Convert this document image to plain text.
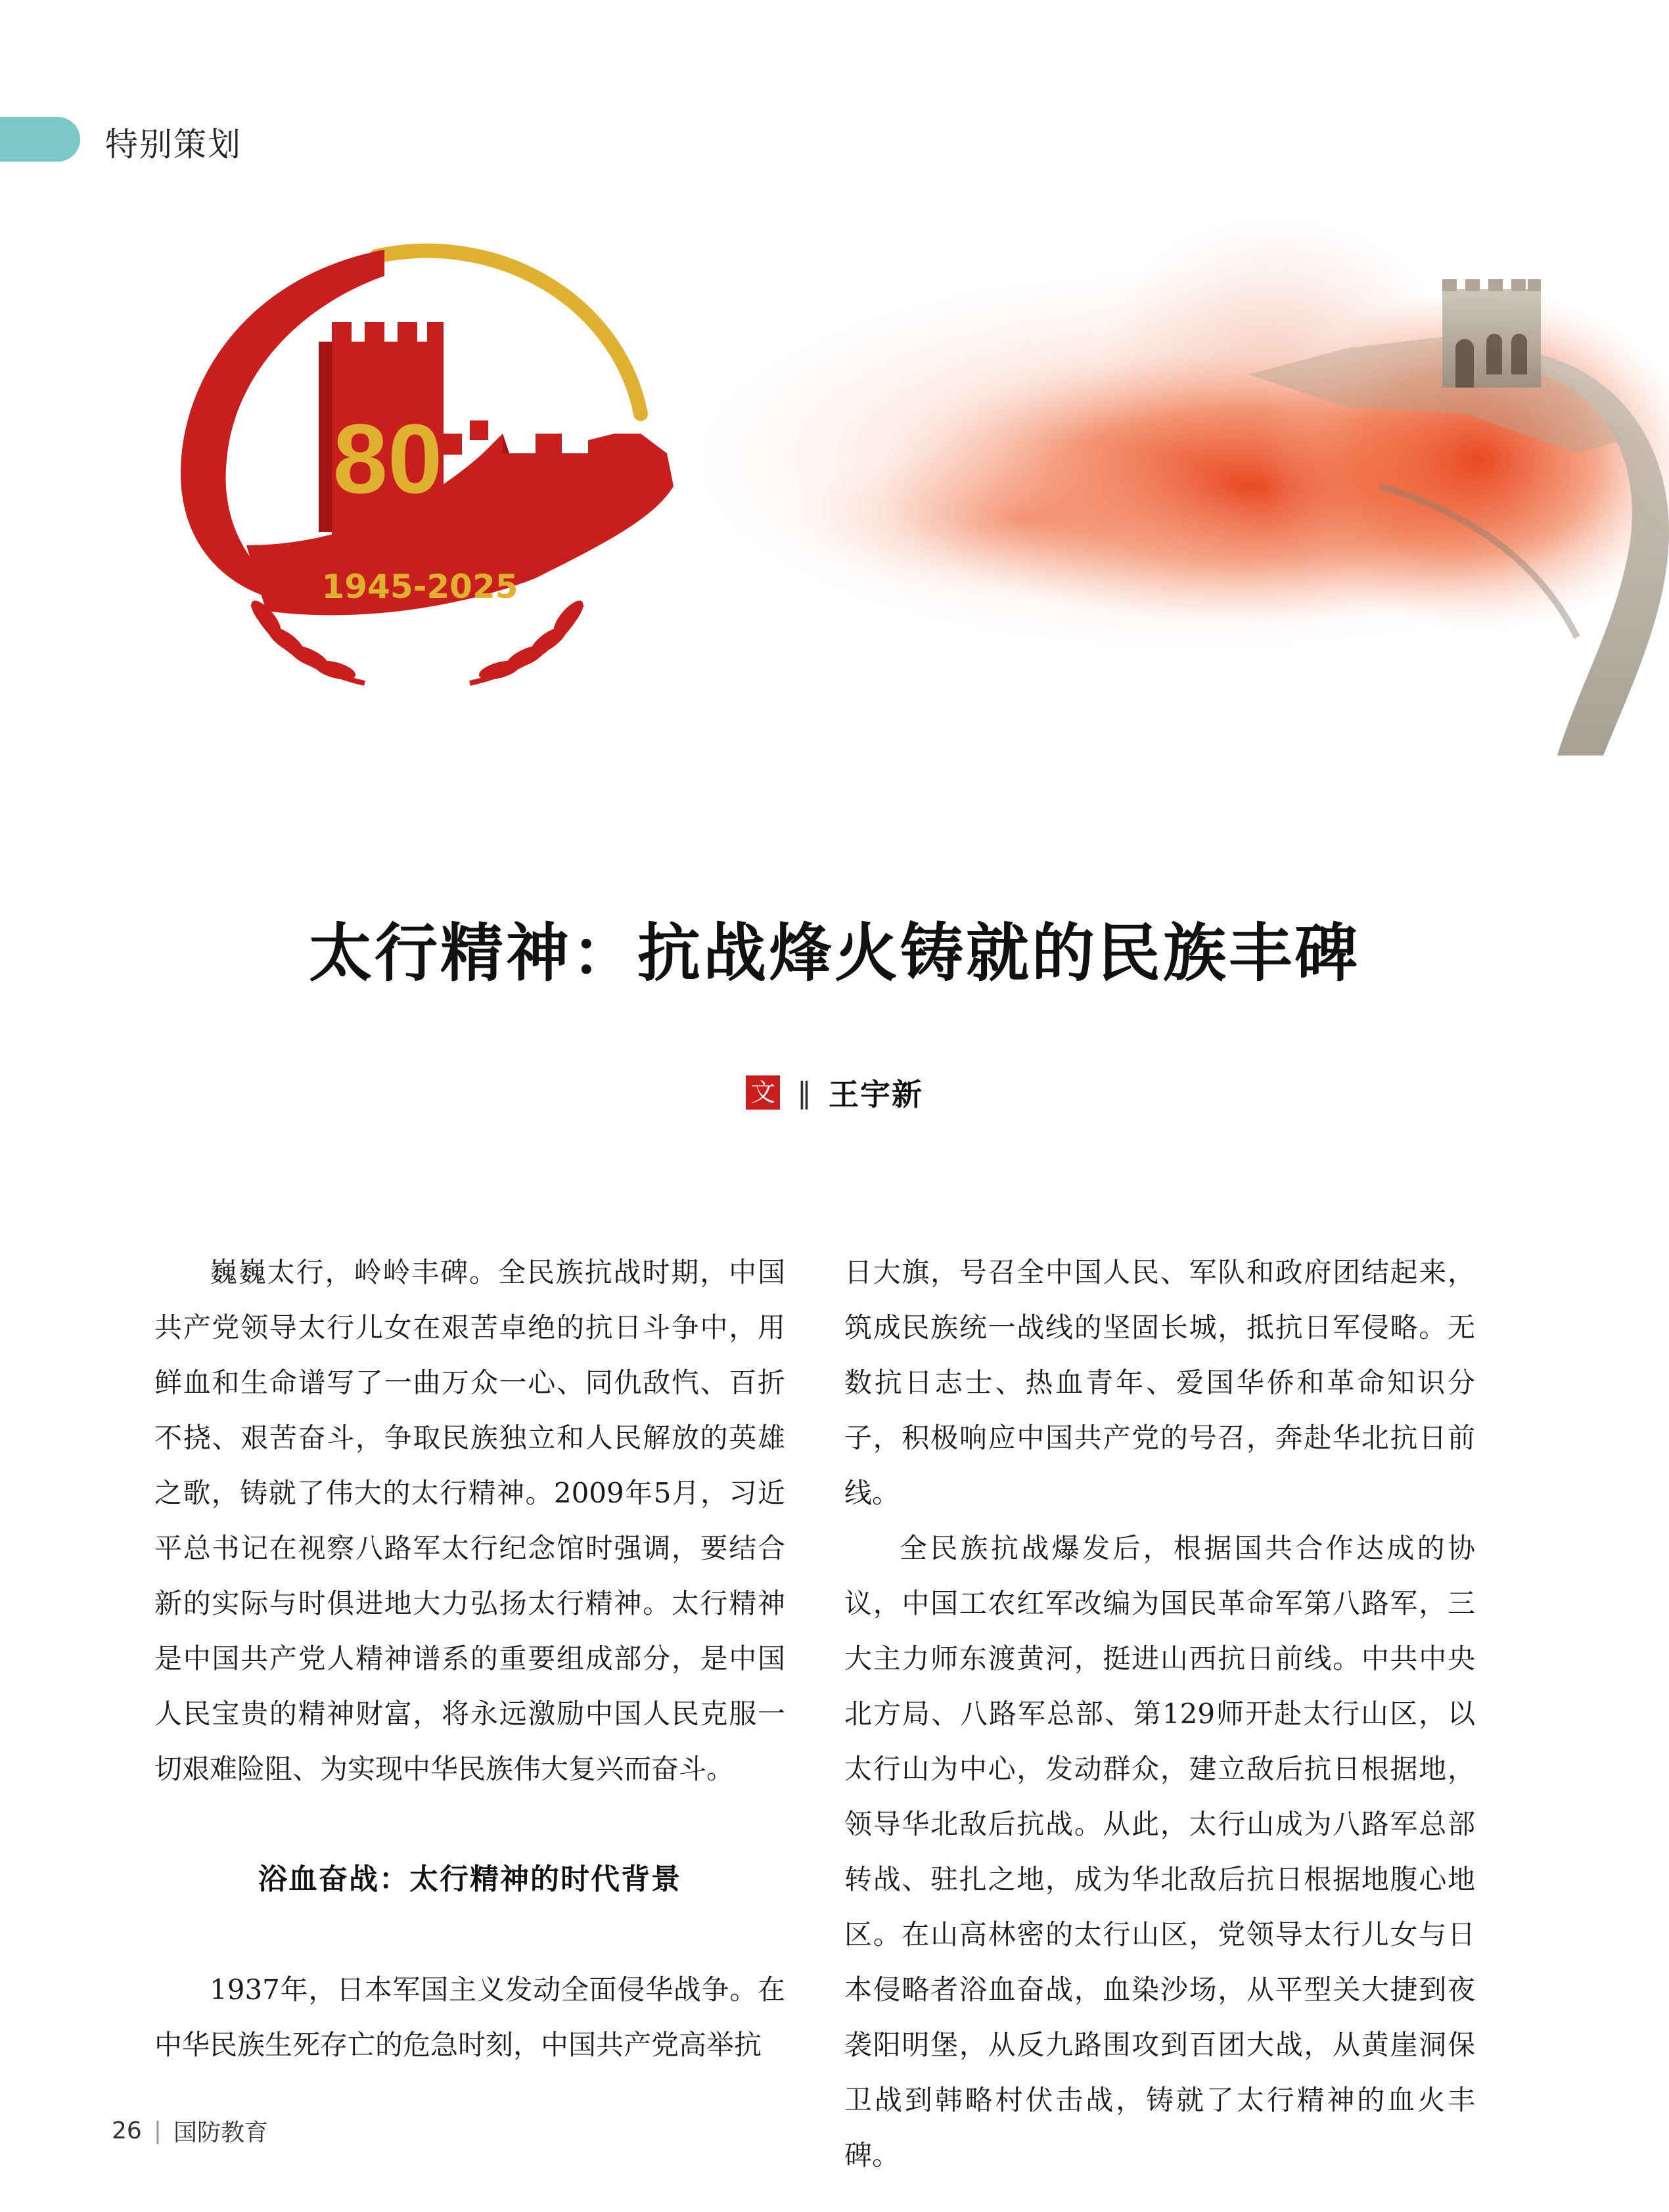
特别策划
80
1945-2025
太行精神：抗战烽火铸就的民族丰碑
文 ‖ 王宇新

巍巍太行，岭岭丰碑。全民族抗战时期，中国共产党领导太行儿女在艰苦卓绝的抗日斗争中，用鲜血和生命谱写了一曲万众一心、同仇敌忾、百折不挠、艰苦奋斗，争取民族独立和人民解放的英雄之歌，铸就了伟大的太行精神。2009年5月，习近平总书记在视察八路军太行纪念馆时强调，要结合新的实际与时俱进地大力弘扬太行精神。太行精神是中国共产党人精神谱系的重要组成部分，是中国人民宝贵的精神财富，将永远激励中国人民克服一切艰难险阻、为实现中华民族伟大复兴而奋斗。

浴血奋战：太行精神的时代背景

1937年，日本军国主义发动全面侵华战争。在中华民族生死存亡的危急时刻，中国共产党高举抗

日大旗，号召全中国人民、军队和政府团结起来，筑成民族统一战线的坚固长城，抵抗日军侵略。无数抗日志士、热血青年、爱国华侨和革命知识分子，积极响应中国共产党的号召，奔赴华北抗日前线。

全民族抗战爆发后，根据国共合作达成的协议，中国工农红军改编为国民革命军第八路军，三大主力师东渡黄河，挺进山西抗日前线。中共中央北方局、八路军总部、第129师开赴太行山区，以太行山为中心，发动群众，建立敌后抗日根据地，领导华北敌后抗战。从此，太行山成为八路军总部转战、驻扎之地，成为华北敌后抗日根据地腹心地区。在山高林密的太行山区，党领导太行儿女与日本侵略者浴血奋战，血染沙场，从平型关大捷到夜袭阳明堡，从反九路围攻到百团大战，从黄崖洞保卫战到韩略村伏击战，铸就了太行精神的血火丰碑。

26 | 国防教育
